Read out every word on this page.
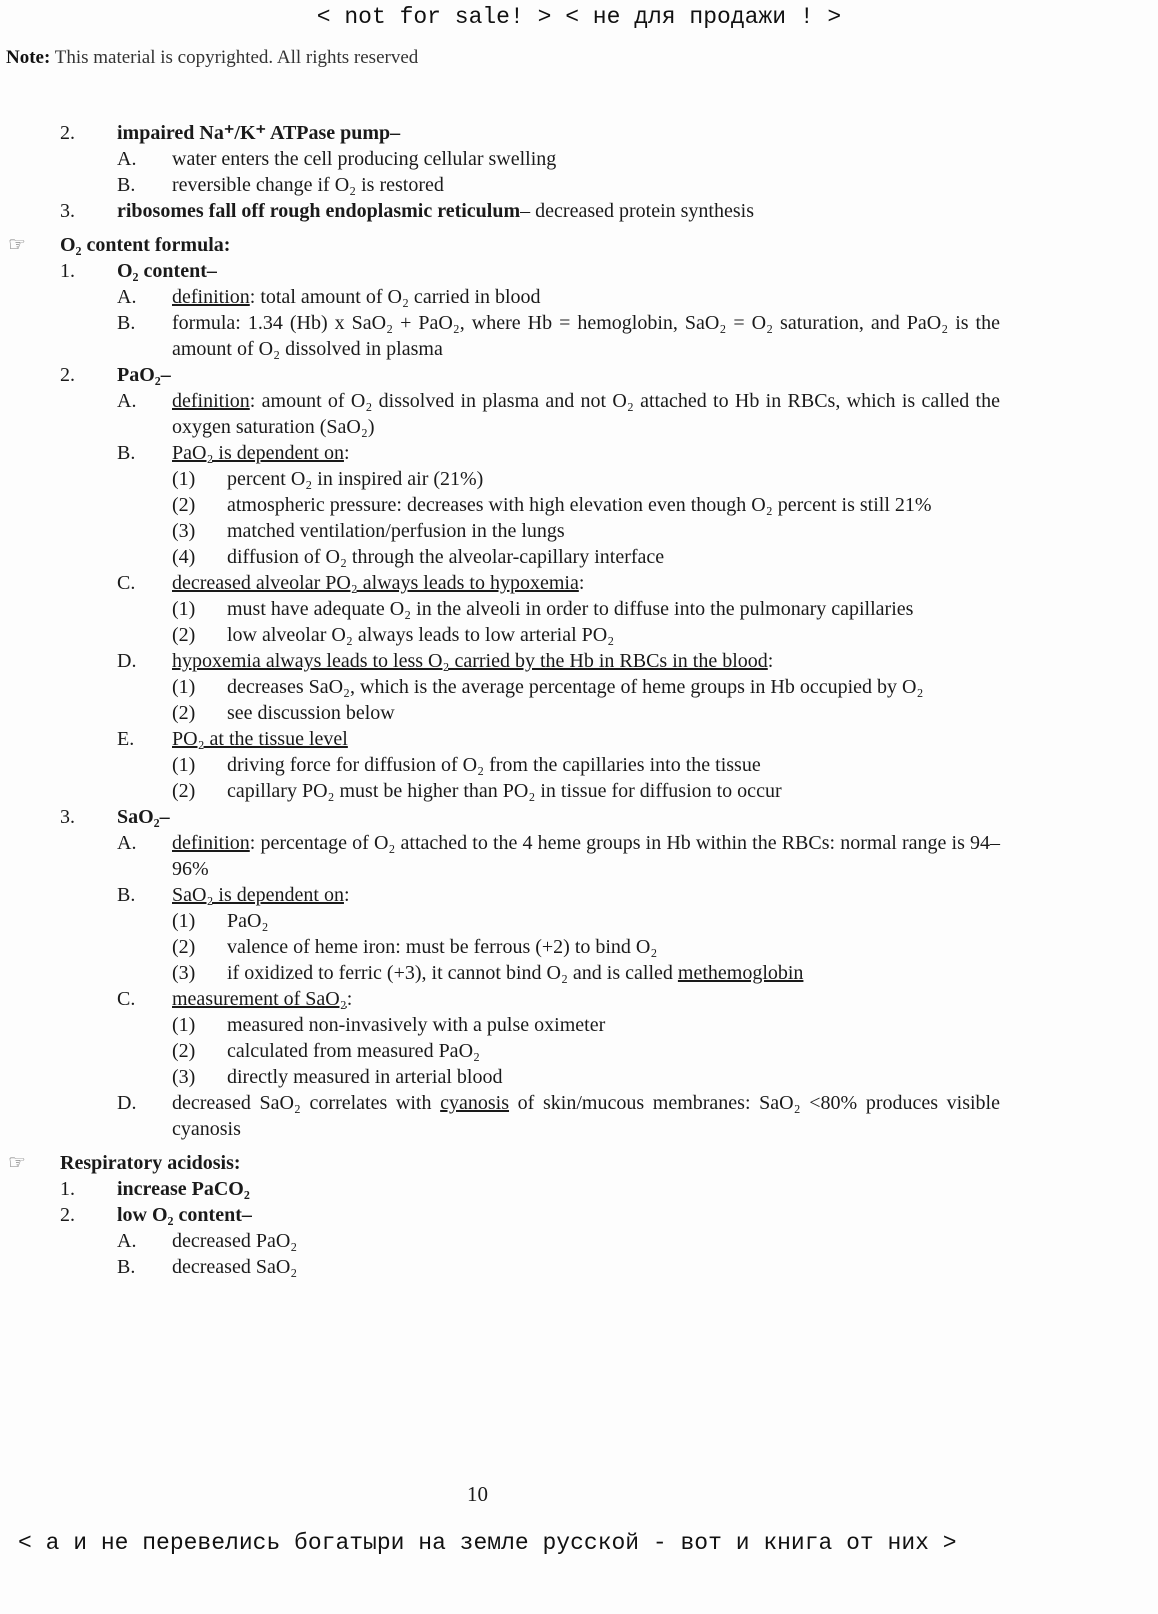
< not for sale! > < не для продажи ! >
Note: This material is copyrighted. All rights reserved
2. impaired Na⁺/K⁺ ATPase pump–
A. water enters the cell producing cellular swelling
B. reversible change if O₂ is restored
3. ribosomes fall off rough endoplasmic reticulum– decreased protein synthesis
☞ O₂ content formula:
1. O₂ content–
A. definition: total amount of O₂ carried in blood
B. formula: 1.34 (Hb) x SaO₂ + PaO₂, where Hb = hemoglobin, SaO₂ = O₂ saturation, and PaO₂ is the amount of O₂ dissolved in plasma
2. PaO₂–
A. definition: amount of O₂ dissolved in plasma and not O₂ attached to Hb in RBCs, which is called the oxygen saturation (SaO₂)
B. PaO₂ is dependent on:
(1) percent O₂ in inspired air (21%)
(2) atmospheric pressure: decreases with high elevation even though O₂ percent is still 21%
(3) matched ventilation/perfusion in the lungs
(4) diffusion of O₂ through the alveolar-capillary interface
C. decreased alveolar PO₂ always leads to hypoxemia:
(1) must have adequate O₂ in the alveoli in order to diffuse into the pulmonary capillaries
(2) low alveolar O₂ always leads to low arterial PO₂
D. hypoxemia always leads to less O₂ carried by the Hb in RBCs in the blood:
(1) decreases SaO₂, which is the average percentage of heme groups in Hb occupied by O₂
(2) see discussion below
E. PO₂ at the tissue level
(1) driving force for diffusion of O₂ from the capillaries into the tissue
(2) capillary PO₂ must be higher than PO₂ in tissue for diffusion to occur
3. SaO₂–
A. definition: percentage of O₂ attached to the 4 heme groups in Hb within the RBCs: normal range is 94–96%
B. SaO₂ is dependent on:
(1) PaO₂
(2) valence of heme iron: must be ferrous (+2) to bind O₂
(3) if oxidized to ferric (+3), it cannot bind O₂ and is called methemoglobin
C. measurement of SaO₂:
(1) measured non-invasively with a pulse oximeter
(2) calculated from measured PaO₂
(3) directly measured in arterial blood
D. decreased SaO₂ correlates with cyanosis of skin/mucous membranes: SaO₂ <80% produces visible cyanosis
☞ Respiratory acidosis:
1. increase PaCO₂
2. low O₂ content–
A. decreased PaO₂
B. decreased SaO₂
10
< а и не перевелись богатыри на земле русской - вот и книга от них >
